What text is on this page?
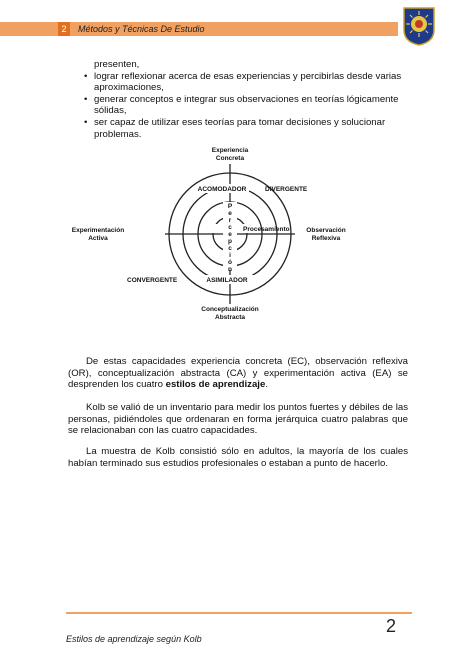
2	Métodos y Técnicas De Estudio
presenten,
• lograr reflexionar acerca de esas experiencias y percibirlas desde varias aproximaciones,
• generar conceptos e integrar sus observaciones en teorías lógicamente sólidas,
• ser capaz de utilizar eses teorías para tomar decisiones y solucionar problemas.
Experiencia
Concreta
Conceptualización
Abstracta
Experimentación
Activa
Observación
Reflexiva
ACOMODADOR	DIVERGENTE
CONVERGENTE	ASIMILADOR
P
e
r
c
e
p
c
i
ó
n
Procesamiento
De estas capacidades experiencia concreta (EC), observación reflexiva (OR), conceptualización abstracta (CA) y experimentación activa (EA) se desprenden los cuatro estilos de aprendizaje.
Kolb se valió de un inventario para medir los puntos fuertes y débiles de las personas, pidiéndoles que ordenaran en forma jerárquica cuatro palabras que se relacionaban con las cuatro capacidades.
La muestra de Kolb consistió sólo en adultos, la mayoría de los cuales habían terminado sus estudios profesionales o estaban a punto de hacerlo.
2
Estilos de aprendizaje según Kolb
